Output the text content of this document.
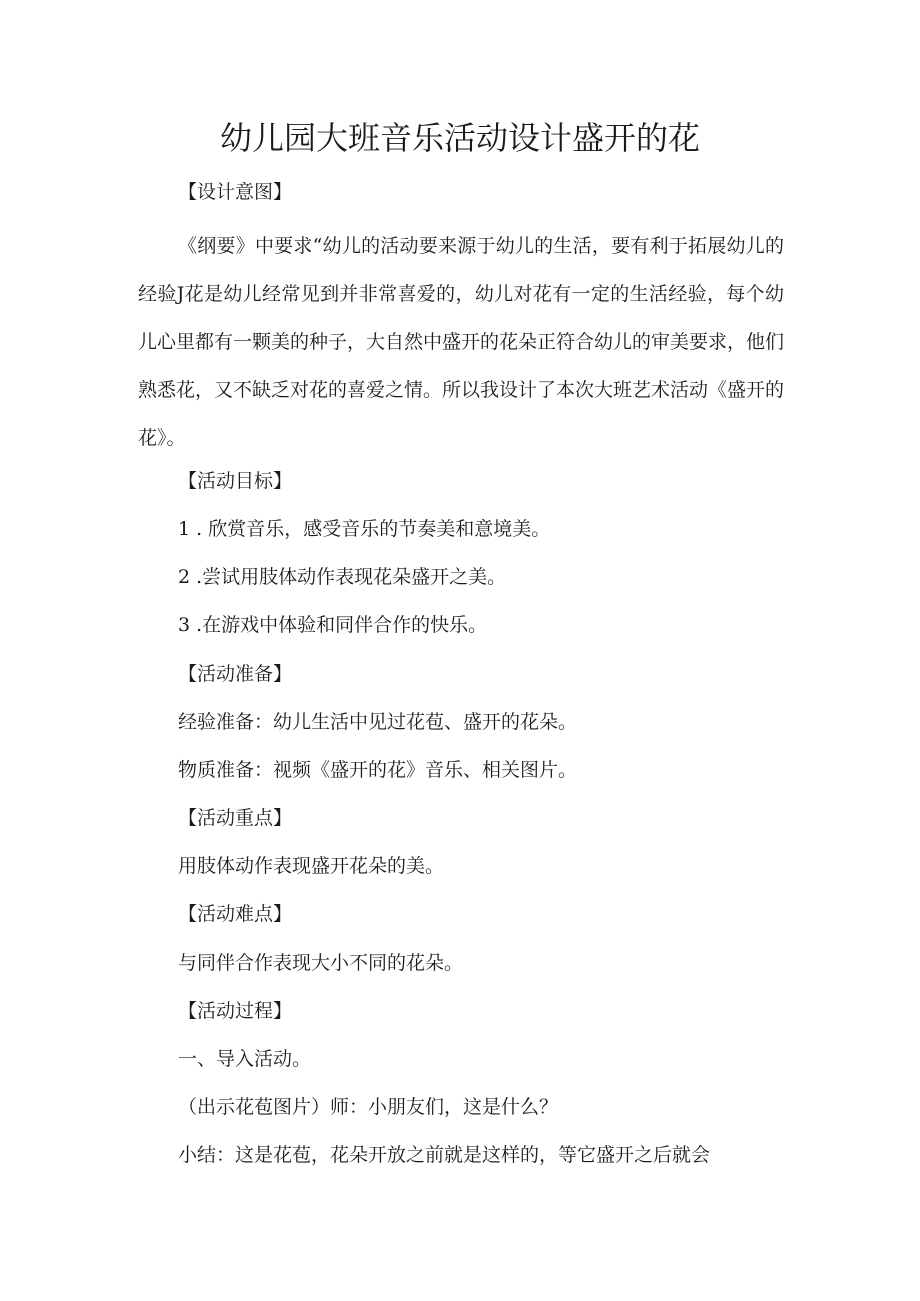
幼儿园大班音乐活动设计盛开的花

【设计意图】

《纲要》中要求“幼儿的活动要来源于幼儿的生活，要有利于拓展幼儿的经验J花是幼儿经常见到并非常喜爱的，幼儿对花有一定的生活经验，每个幼儿心里都有一颗美的种子，大自然中盛开的花朵正符合幼儿的审美要求，他们熟悉花，又不缺乏对花的喜爱之情。所以我设计了本次大班艺术活动《盛开的花》。

【活动目标】

1 . 欣赏音乐，感受音乐的节奏美和意境美。

2 .尝试用肢体动作表现花朵盛开之美。

3 .在游戏中体验和同伴合作的快乐。

【活动准备】

经验准备：幼儿生活中见过花苞、盛开的花朵。

物质准备：视频《盛开的花》音乐、相关图片。

【活动重点】

用肢体动作表现盛开花朵的美。

【活动难点】

与同伴合作表现大小不同的花朵。

【活动过程】

一、导入活动。

（出示花苞图片）师：小朋友们，这是什么？

小结：这是花苞，花朵开放之前就是这样的，等它盛开之后就会
